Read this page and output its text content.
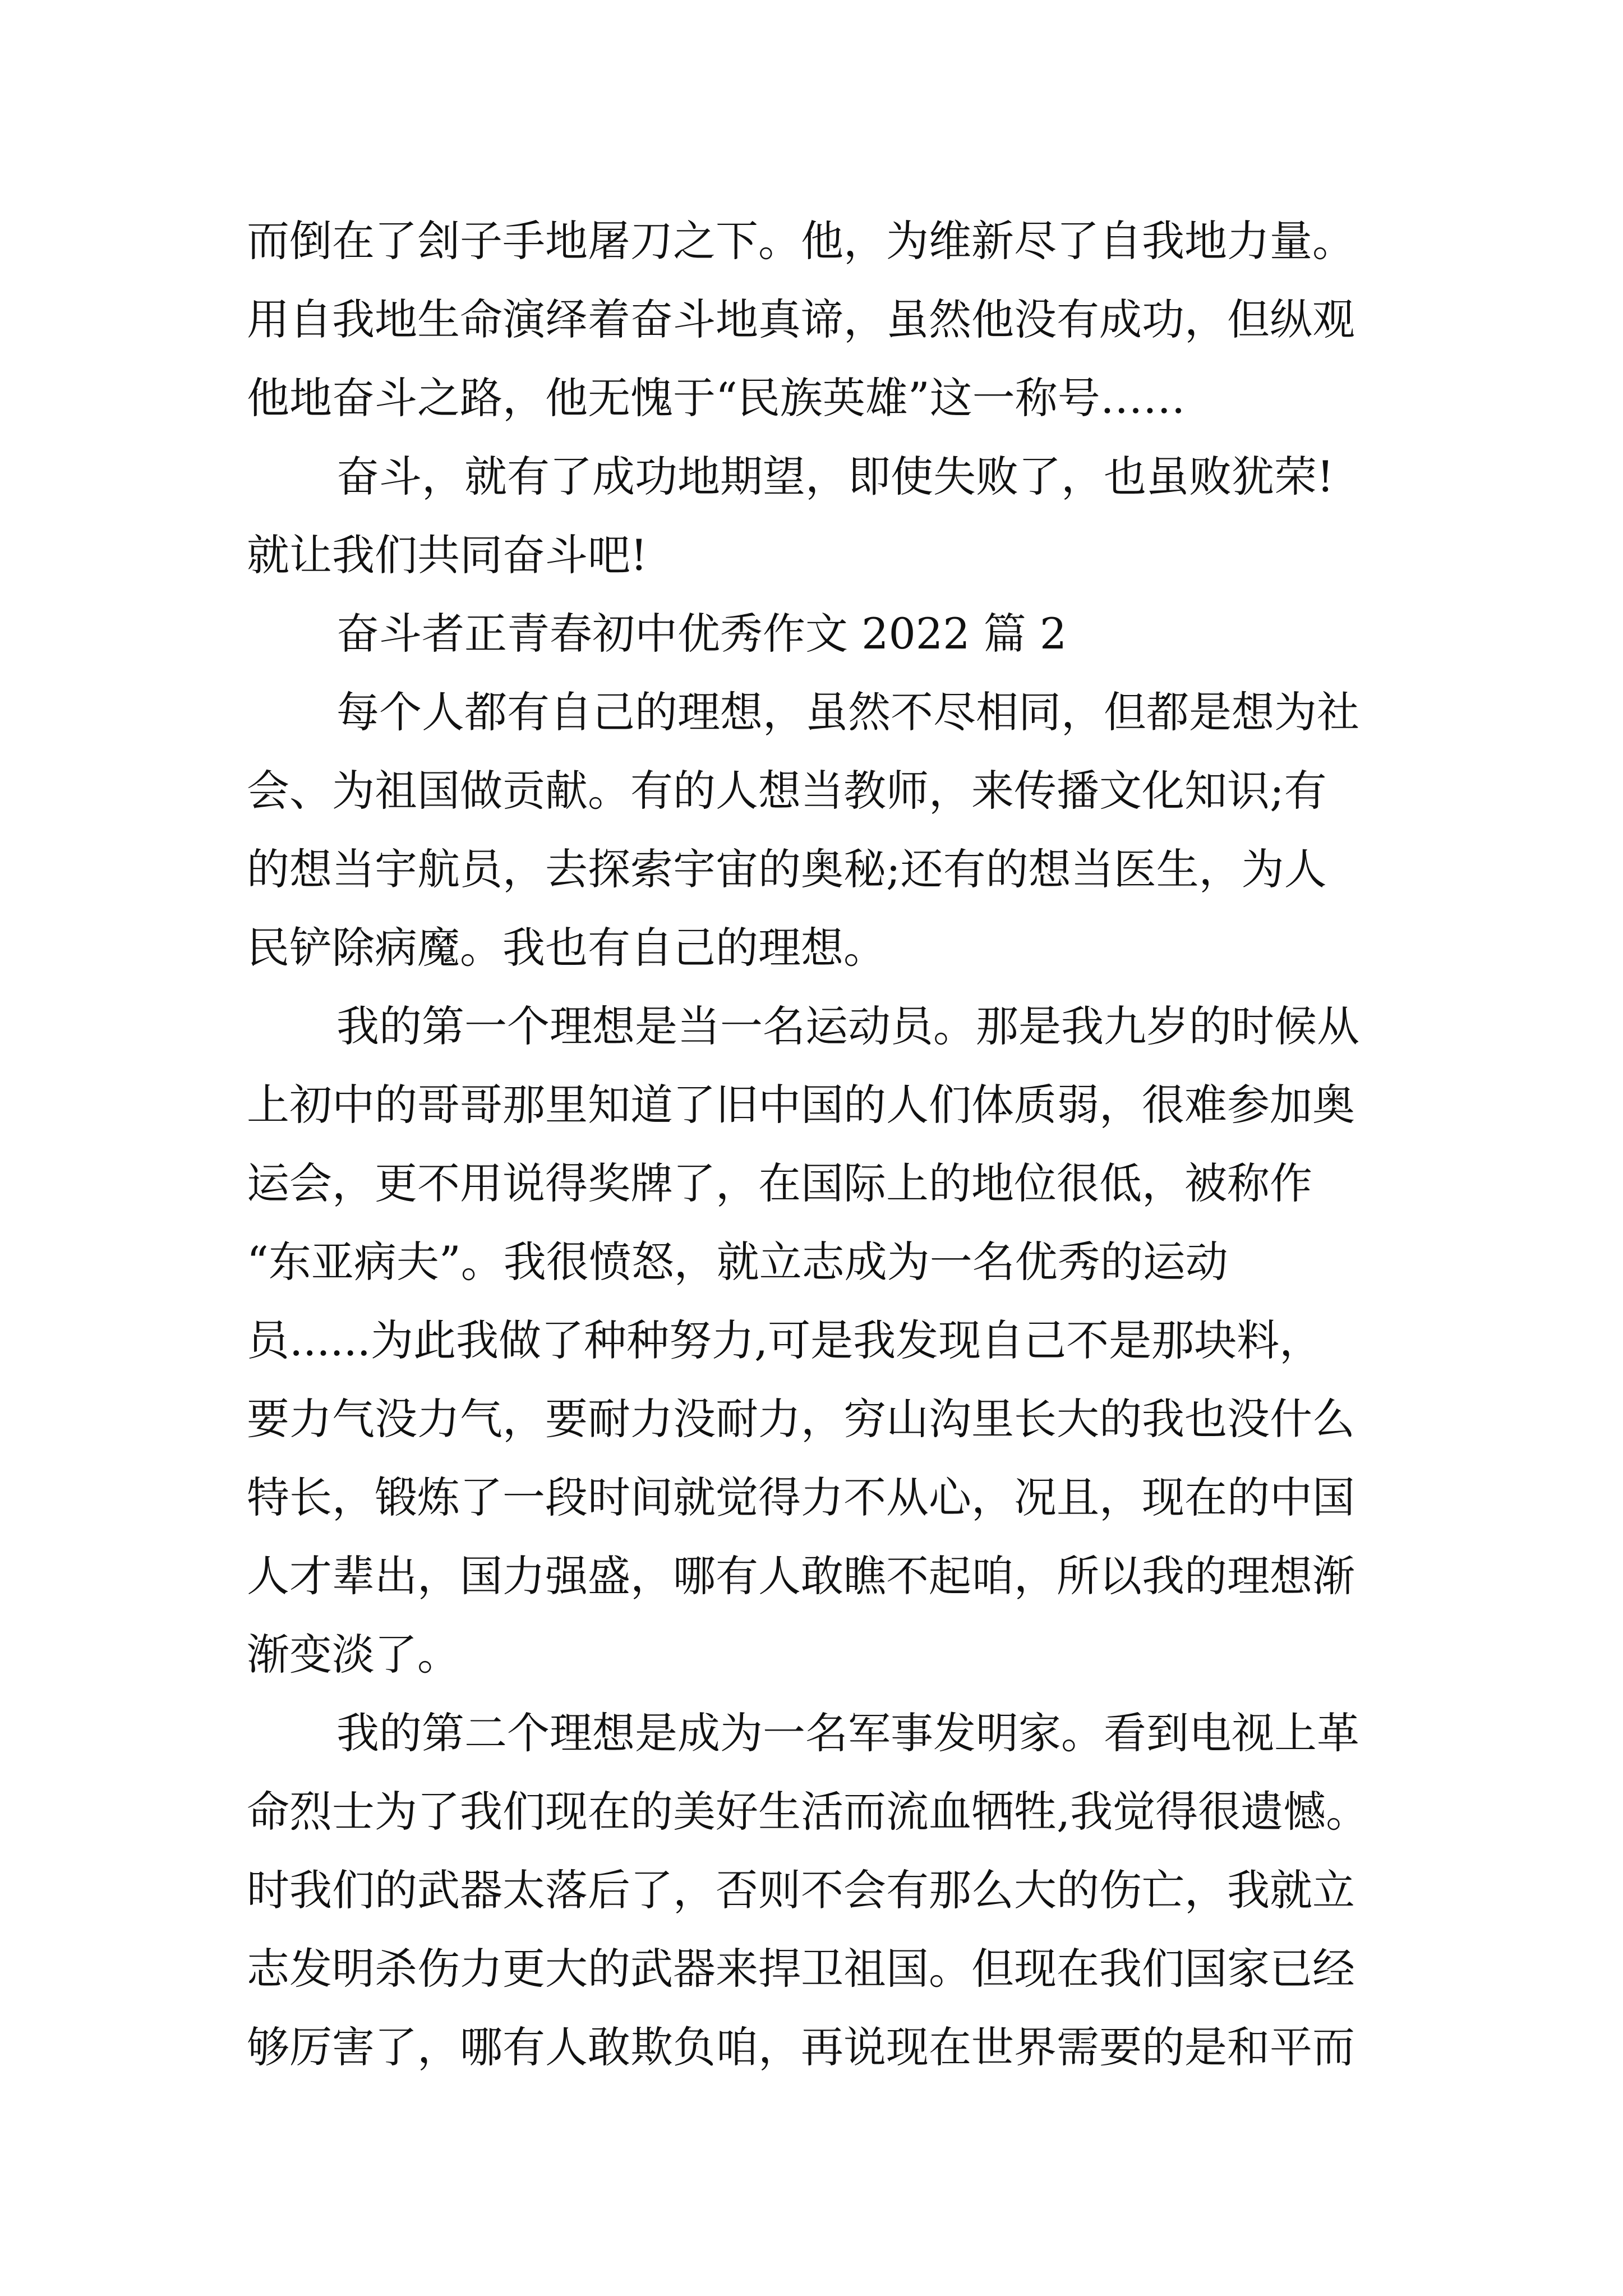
而倒在了刽子手地屠刀之下。他，为维新尽了自我地力量。
用自我地生命演绎着奋斗地真谛，虽然他没有成功，但纵观
他地奋斗之路，他无愧于“民族英雄”这一称号……
奋斗，就有了成功地期望，即使失败了，也虽败犹荣!
就让我们共同奋斗吧!
奋斗者正青春初中优秀作文 2022 篇 2
每个人都有自己的理想，虽然不尽相同，但都是想为社
会、为祖国做贡献。有的人想当教师，来传播文化知识;有
的想当宇航员，去探索宇宙的奥秘;还有的想当医生，为人
民铲除病魔。我也有自己的理想。
我的第一个理想是当一名运动员。那是我九岁的时候从
上初中的哥哥那里知道了旧中国的人们体质弱，很难参加奥
运会，更不用说得奖牌了，在国际上的地位很低，被称作
“东亚病夫”。我很愤怒，就立志成为一名优秀的运动
员......为此我做了种种努力,可是我发现自己不是那块料，
要力气没力气，要耐力没耐力，穷山沟里长大的我也没什么
特长，锻炼了一段时间就觉得力不从心，况且，现在的中国
人才辈出，国力强盛，哪有人敢瞧不起咱，所以我的理想渐
渐变淡了。
我的第二个理想是成为一名军事发明家。看到电视上革
命烈士为了我们现在的美好生活而流血牺牲,我觉得很遗憾。
时我们的武器太落后了，否则不会有那么大的伤亡，我就立
志发明杀伤力更大的武器来捍卫祖国。但现在我们国家已经
够厉害了，哪有人敢欺负咱，再说现在世界需要的是和平而
